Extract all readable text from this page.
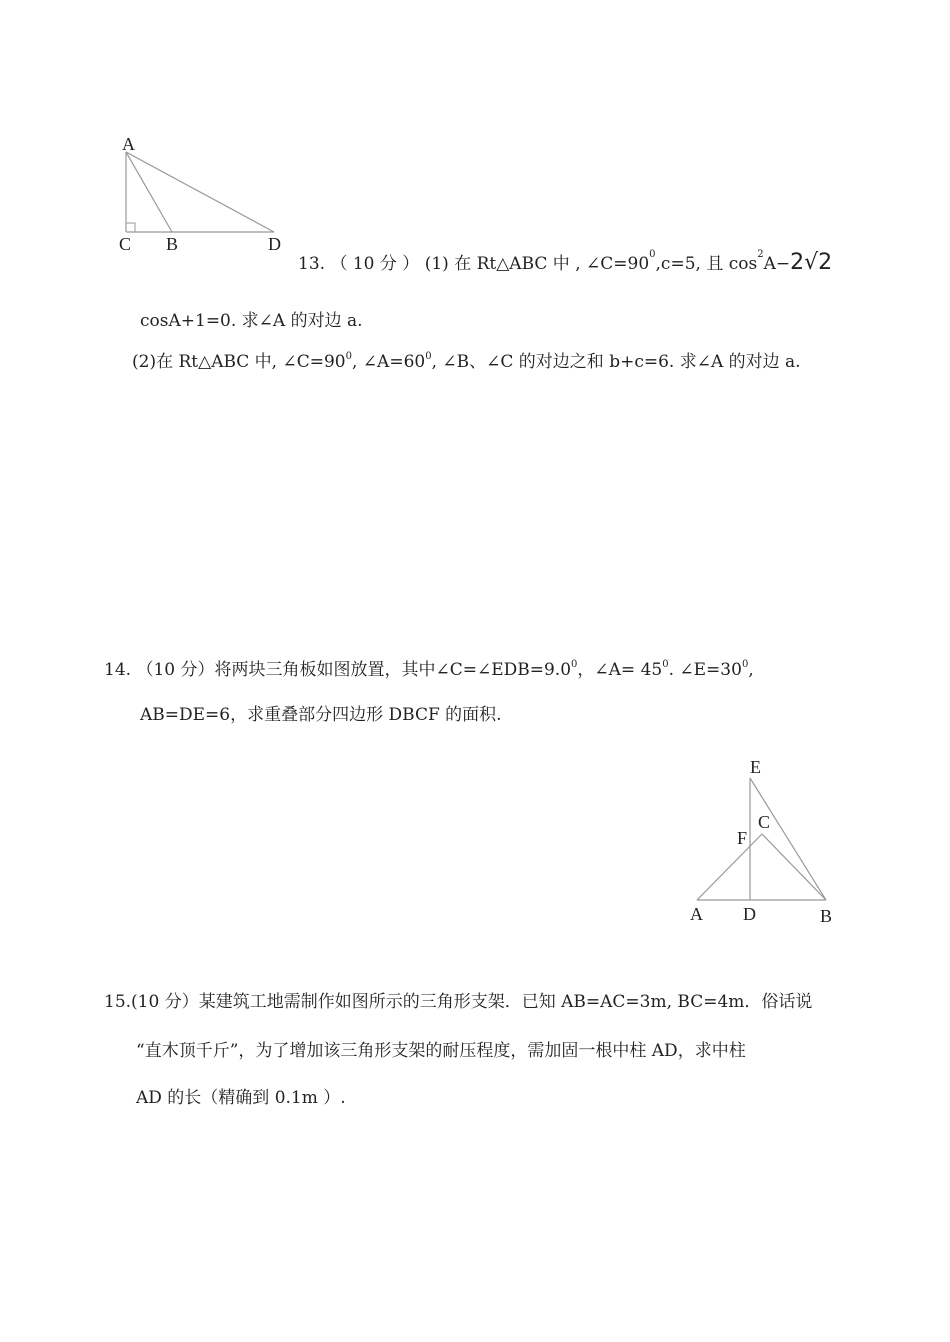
A
C B	D
13. （ 10 分 ） (1) 在 Rt△ABC 中 , $\angle C=90^0,c=5$, 且 $\cos^2A-2√2$
cosA+1=0. 求∠A 的对边 a.
(2)在 Rt△ABC 中, $\angle C=90^0$, $\angle A=60^0$, ∠B、∠C 的对边之和 b+c=6. 求∠A 的对边 a.
14. （10 分）将两块三角板如图放置，其中$\angle C=\angle EDB=9.0^0$，∠A= $45^0$. $\angle E=30^0$,
AB=DE=6，求重叠部分四边形 DBCF 的面积.
E
C
F
A D	B
15.(10 分）某建筑工地需制作如图所示的三角形支架．已知 AB=AC=3m, BC=4m．俗话说
“直木顶千斤”，为了增加该三角形支架的耐压程度，需加固一根中柱 AD，求中柱
AD 的长（精确到 0.1m ）.
